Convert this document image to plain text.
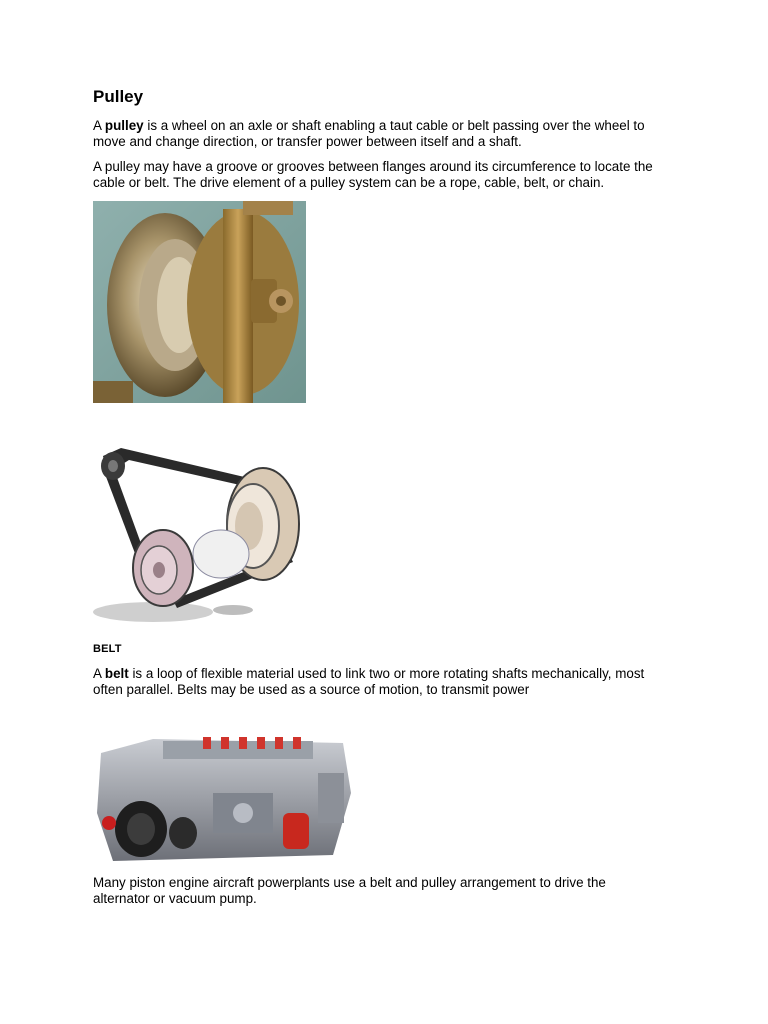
Pulley

A pulley is a wheel on an axle or shaft enabling a taut cable or belt passing over the wheel to
move and change direction, or transfer power between itself and a shaft.

A pulley may have a groove or grooves between flanges around its circumference to locate the
cable or belt. The drive element of a pulley system can be a rope, cable, belt, or chain.

BELT

A belt is a loop of flexible material used to link two or more rotating shafts mechanically, most
often parallel. Belts may be used as a source of motion, to transmit power

Many piston engine aircraft powerplants use a belt and pulley arrangement to drive the
alternator or vacuum pump.
